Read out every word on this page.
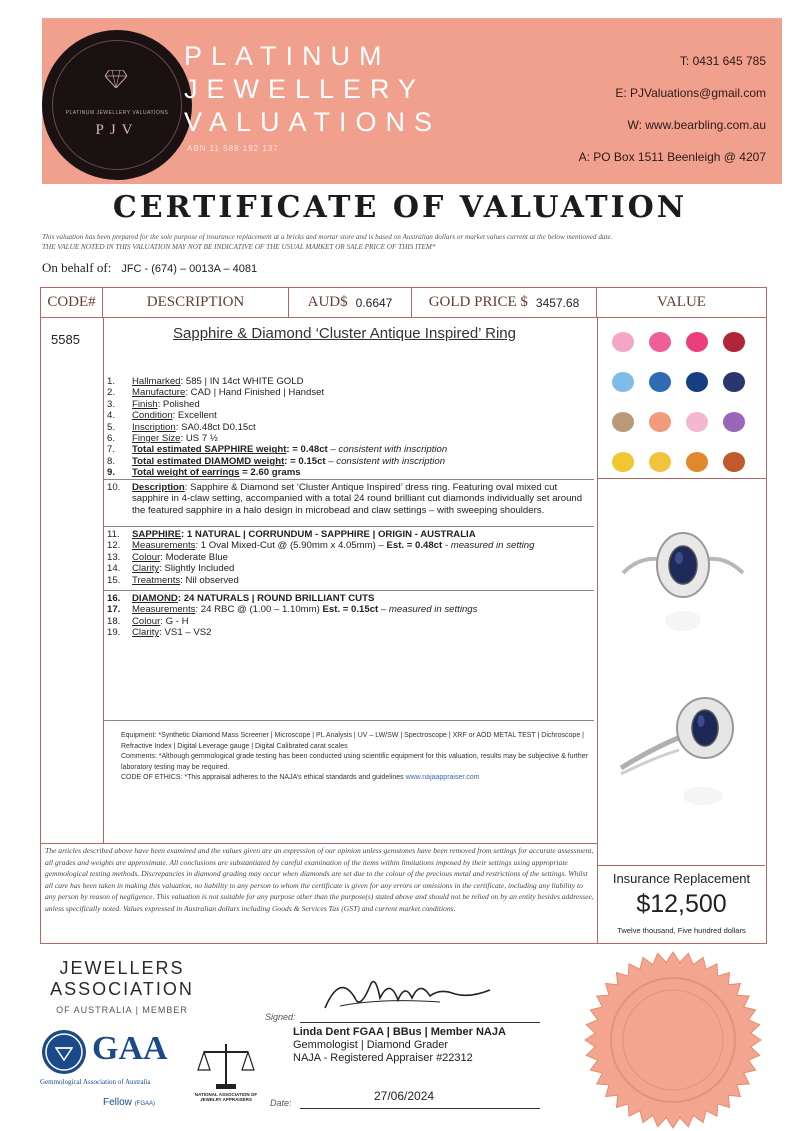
PLATINUM JEWELLERY VALUATIONS
PJV
PLATINUM
JEWELLERY
VALUATIONS
ABN 11 588 192 137
T: 0431 645 785
E: PJValuations@gmail.com
W: www.bearbling.com.au
A: PO Box 1511 Beenleigh @ 4207
CERTIFICATE OF VALUATION
This valuation has been prepared for the sole purpose of insurance replacement at a bricks and mortar store and is based on Australian dollars or market values current at the below mentioned date.
THE VALUE NOTED IN THIS VALUATION MAY NOT BE INDICATIVE OF THE USUAL MARKET OR SALE PRICE OF THIS ITEM*
On behalf of: JFC - (674) – 0013A – 4081
CODE#	DESCRIPTION	AUD$ 0.6647 GOLD PRICE $ 3457.68	VALUE
5585	Sapphire & Diamond ‘Cluster Antique Inspired’ Ring
1.	Hallmarked: 585 | IN 14ct WHITE GOLD
2.	Manufacture: CAD | Hand Finished | Handset
3.	Finish: Polished
4.	Condition: Excellent
5.	Inscription: SA0.48ct D0.15ct
6.	Finger Size: US 7 ½
7.	Total estimated SAPPHIRE weight: = 0.48ct – consistent with inscription
8.	Total estimated DIAMOMD weight: = 0.15ct – consistent with inscription
9.	Total weight of earrings = 2.60 grams
10.	Description: Sapphire & Diamond set ‘Cluster Antique Inspired’ dress ring. Featuring oval mixed cut sapphire in 4-claw setting, accompanied with a total 24 round brilliant cut diamonds individually set around the featured sapphire in a halo design in microbead and claw settings – with sweeping shoulders.
11.	SAPPHIRE: 1 NATURAL | CORRUNDUM - SAPPHIRE | ORIGIN - AUSTRALIA
12.	Measurements: 1 Oval Mixed-Cut @ (5.90mm x 4.05mm) – Est. = 0.48ct - measured in setting
13.	Colour: Moderate Blue
14.	Clarity: Slightly Included
15.	Treatments: Nil observed
16.	DIAMOND: 24 NATURALS | ROUND BRILLIANT CUTS
17.	Measurements: 24 RBC @ (1.00 – 1.10mm) Est. = 0.15ct – measured in settings
18.	Colour: G - H
19.	Clarity: VS1 – VS2
Equipment: *Synthetic Diamond Mass Screener | Microscope | PL Analysis | UV – LW/SW | Spectroscope | XRF or AOD METAL TEST | Dichroscope | Refractive Index | Digital Leverage gauge | Digital Calibrated carat scales
Comments: *Although gemmological grade testing has been conducted using scientific equipment for this valuation, results may be subjective & further laboratory testing may be required.
CODE OF ETHICS: *This appraisal adheres to the NAJA’s ethical standards and guidelines www.najaappraiser.com
The articles described above have been examined and the values given are an expression of our opinion unless gemstones have been removed from settings for accurate assessment, all grades and weights are approximate. All conclusions are substantiated by careful examination of the items within limitations imposed by their settings using appropriate gemmological testing methods. Discrepancies in diamond grading may occur when diamonds are set due to the colour of the precious metal and restrictions of the settings. Whilst all care has been taken in making this valuation, no liability to any person to whom the certificate is given for any errors or omissions in the certificate, including any liability to any person by reason of negligence. This valuation is not suitable for any purpose other than the purpose(s) stated above and should not be relied on by an entity besides addressee, unless specifically noted. Values expressed in Australian dollars including Goods & Services Tax (GST) and current market conditions.
Insurance Replacement
$12,500
Twelve thousand, Five hundred dollars
JEWELLERS
ASSOCIATION
OF AUSTRALIA | MEMBER
GAA
Gemmological Association of Australia
Fellow (FGAA)
NATIONAL ASSOCIATION OF JEWELRY APPRAISERS
Signed:
Linda Dent FGAA | BBus | Member NAJA
Gemmologist | Diamond Grader
NAJA - Registered Appraiser #22312
Date:	27/06/2024
